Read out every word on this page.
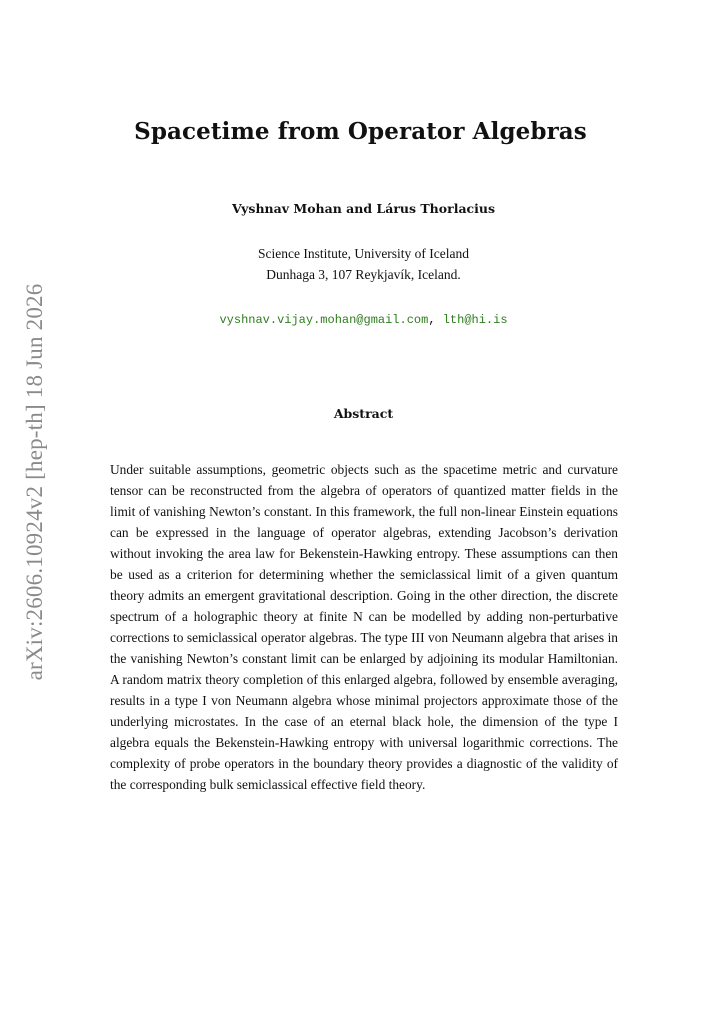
arXiv:2606.10924v2 [hep-th] 18 Jun 2026
Spacetime from Operator Algebras
Vyshnav Mohan and Lárus Thorlacius
Science Institute, University of Iceland
Dunhaga 3, 107 Reykjavík, Iceland.
vyshnav.vijay.mohan@gmail.com, lth@hi.is
Abstract

Under suitable assumptions, geometric objects such as the spacetime metric and curvature tensor can be reconstructed from the algebra of operators of quantized matter fields in the limit of vanishing Newton’s constant. In this framework, the full non-linear Einstein equations can be expressed in the language of operator algebras, extending Jacobson’s derivation without invoking the area law for Bekenstein-Hawking entropy. These assumptions can then be used as a criterion for determining whether the semiclassical limit of a given quantum theory admits an emergent gravitational description. Going in the other direction, the discrete spectrum of a holographic theory at finite N can be modelled by adding non-perturbative corrections to semiclassical operator algebras. The type III von Neumann algebra that arises in the vanishing Newton’s constant limit can be enlarged by adjoining its modular Hamiltonian. A random matrix theory completion of this enlarged algebra, followed by ensemble averaging, results in a type I von Neumann algebra whose minimal projectors approximate those of the underlying microstates. In the case of an eternal black hole, the dimension of the type I algebra equals the Bekenstein-Hawking entropy with universal logarithmic corrections. The complexity of probe operators in the boundary theory provides a diagnostic of the validity of the corresponding bulk semiclassical effective field theory.
